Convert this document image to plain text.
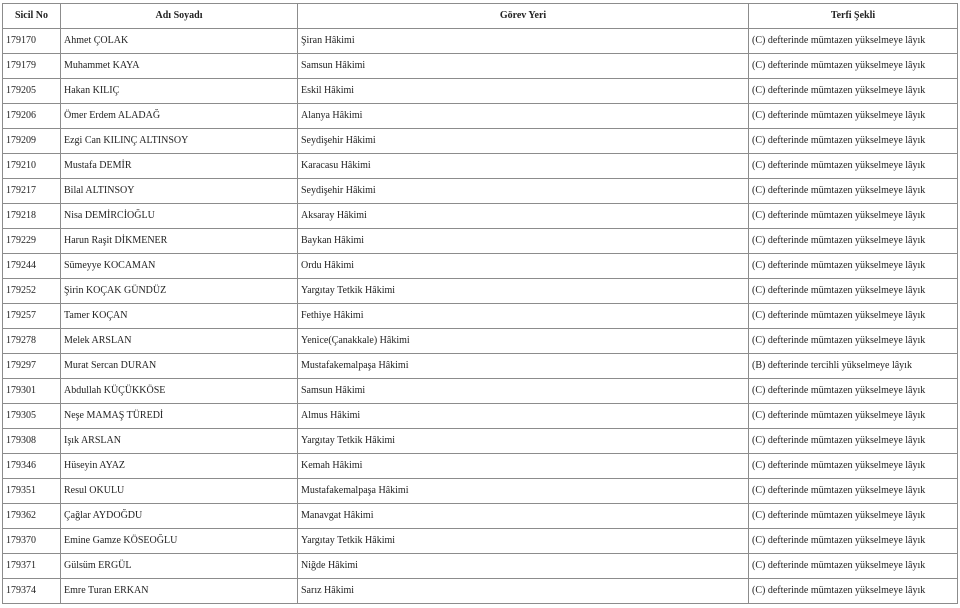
Sicil No	Adı Soyadı	Görev Yeri	Terfi Şekli
179170	Ahmet ÇOLAK	Şiran Hâkimi	(C) defterinde mümtazen yükselmeye lâyık
179179	Muhammet KAYA	Samsun Hâkimi	(C) defterinde mümtazen yükselmeye lâyık
179205	Hakan KILIÇ	Eskil Hâkimi	(C) defterinde mümtazen yükselmeye lâyık
179206	Ömer Erdem ALADAĞ	Alanya Hâkimi	(C) defterinde mümtazen yükselmeye lâyık
179209	Ezgi Can KILINÇ ALTINSOY	Seydişehir Hâkimi	(C) defterinde mümtazen yükselmeye lâyık
179210	Mustafa DEMİR	Karacasu Hâkimi	(C) defterinde mümtazen yükselmeye lâyık
179217	Bilal ALTINSOY	Seydişehir Hâkimi	(C) defterinde mümtazen yükselmeye lâyık
179218	Nisa DEMİRCİOĞLU	Aksaray Hâkimi	(C) defterinde mümtazen yükselmeye lâyık
179229	Harun Raşit DİKMENER	Baykan Hâkimi	(C) defterinde mümtazen yükselmeye lâyık
179244	Sümeyye KOCAMAN	Ordu Hâkimi	(C) defterinde mümtazen yükselmeye lâyık
179252	Şirin KOÇAK GÜNDÜZ	Yargıtay Tetkik Hâkimi	(C) defterinde mümtazen yükselmeye lâyık
179257	Tamer KOÇAN	Fethiye Hâkimi	(C) defterinde mümtazen yükselmeye lâyık
179278	Melek ARSLAN	Yenice(Çanakkale) Hâkimi	(C) defterinde mümtazen yükselmeye lâyık
179297	Murat Sercan DURAN	Mustafakemalpaşa Hâkimi	(B) defterinde tercihli yükselmeye lâyık
179301	Abdullah KÜÇÜKKÖSE	Samsun Hâkimi	(C) defterinde mümtazen yükselmeye lâyık
179305	Neşe MAMAŞ TÜREDİ	Almus Hâkimi	(C) defterinde mümtazen yükselmeye lâyık
179308	Işık ARSLAN	Yargıtay Tetkik Hâkimi	(C) defterinde mümtazen yükselmeye lâyık
179346	Hüseyin AYAZ	Kemah Hâkimi	(C) defterinde mümtazen yükselmeye lâyık
179351	Resul OKULU	Mustafakemalpaşa Hâkimi	(C) defterinde mümtazen yükselmeye lâyık
179362	Çağlar AYDOĞDU	Manavgat Hâkimi	(C) defterinde mümtazen yükselmeye lâyık
179370	Emine Gamze KÖSEOĞLU	Yargıtay Tetkik Hâkimi	(C) defterinde mümtazen yükselmeye lâyık
179371	Gülsüm ERGÜL	Niğde Hâkimi	(C) defterinde mümtazen yükselmeye lâyık
179374	Emre Turan ERKAN	Sarız Hâkimi	(C) defterinde mümtazen yükselmeye lâyık
